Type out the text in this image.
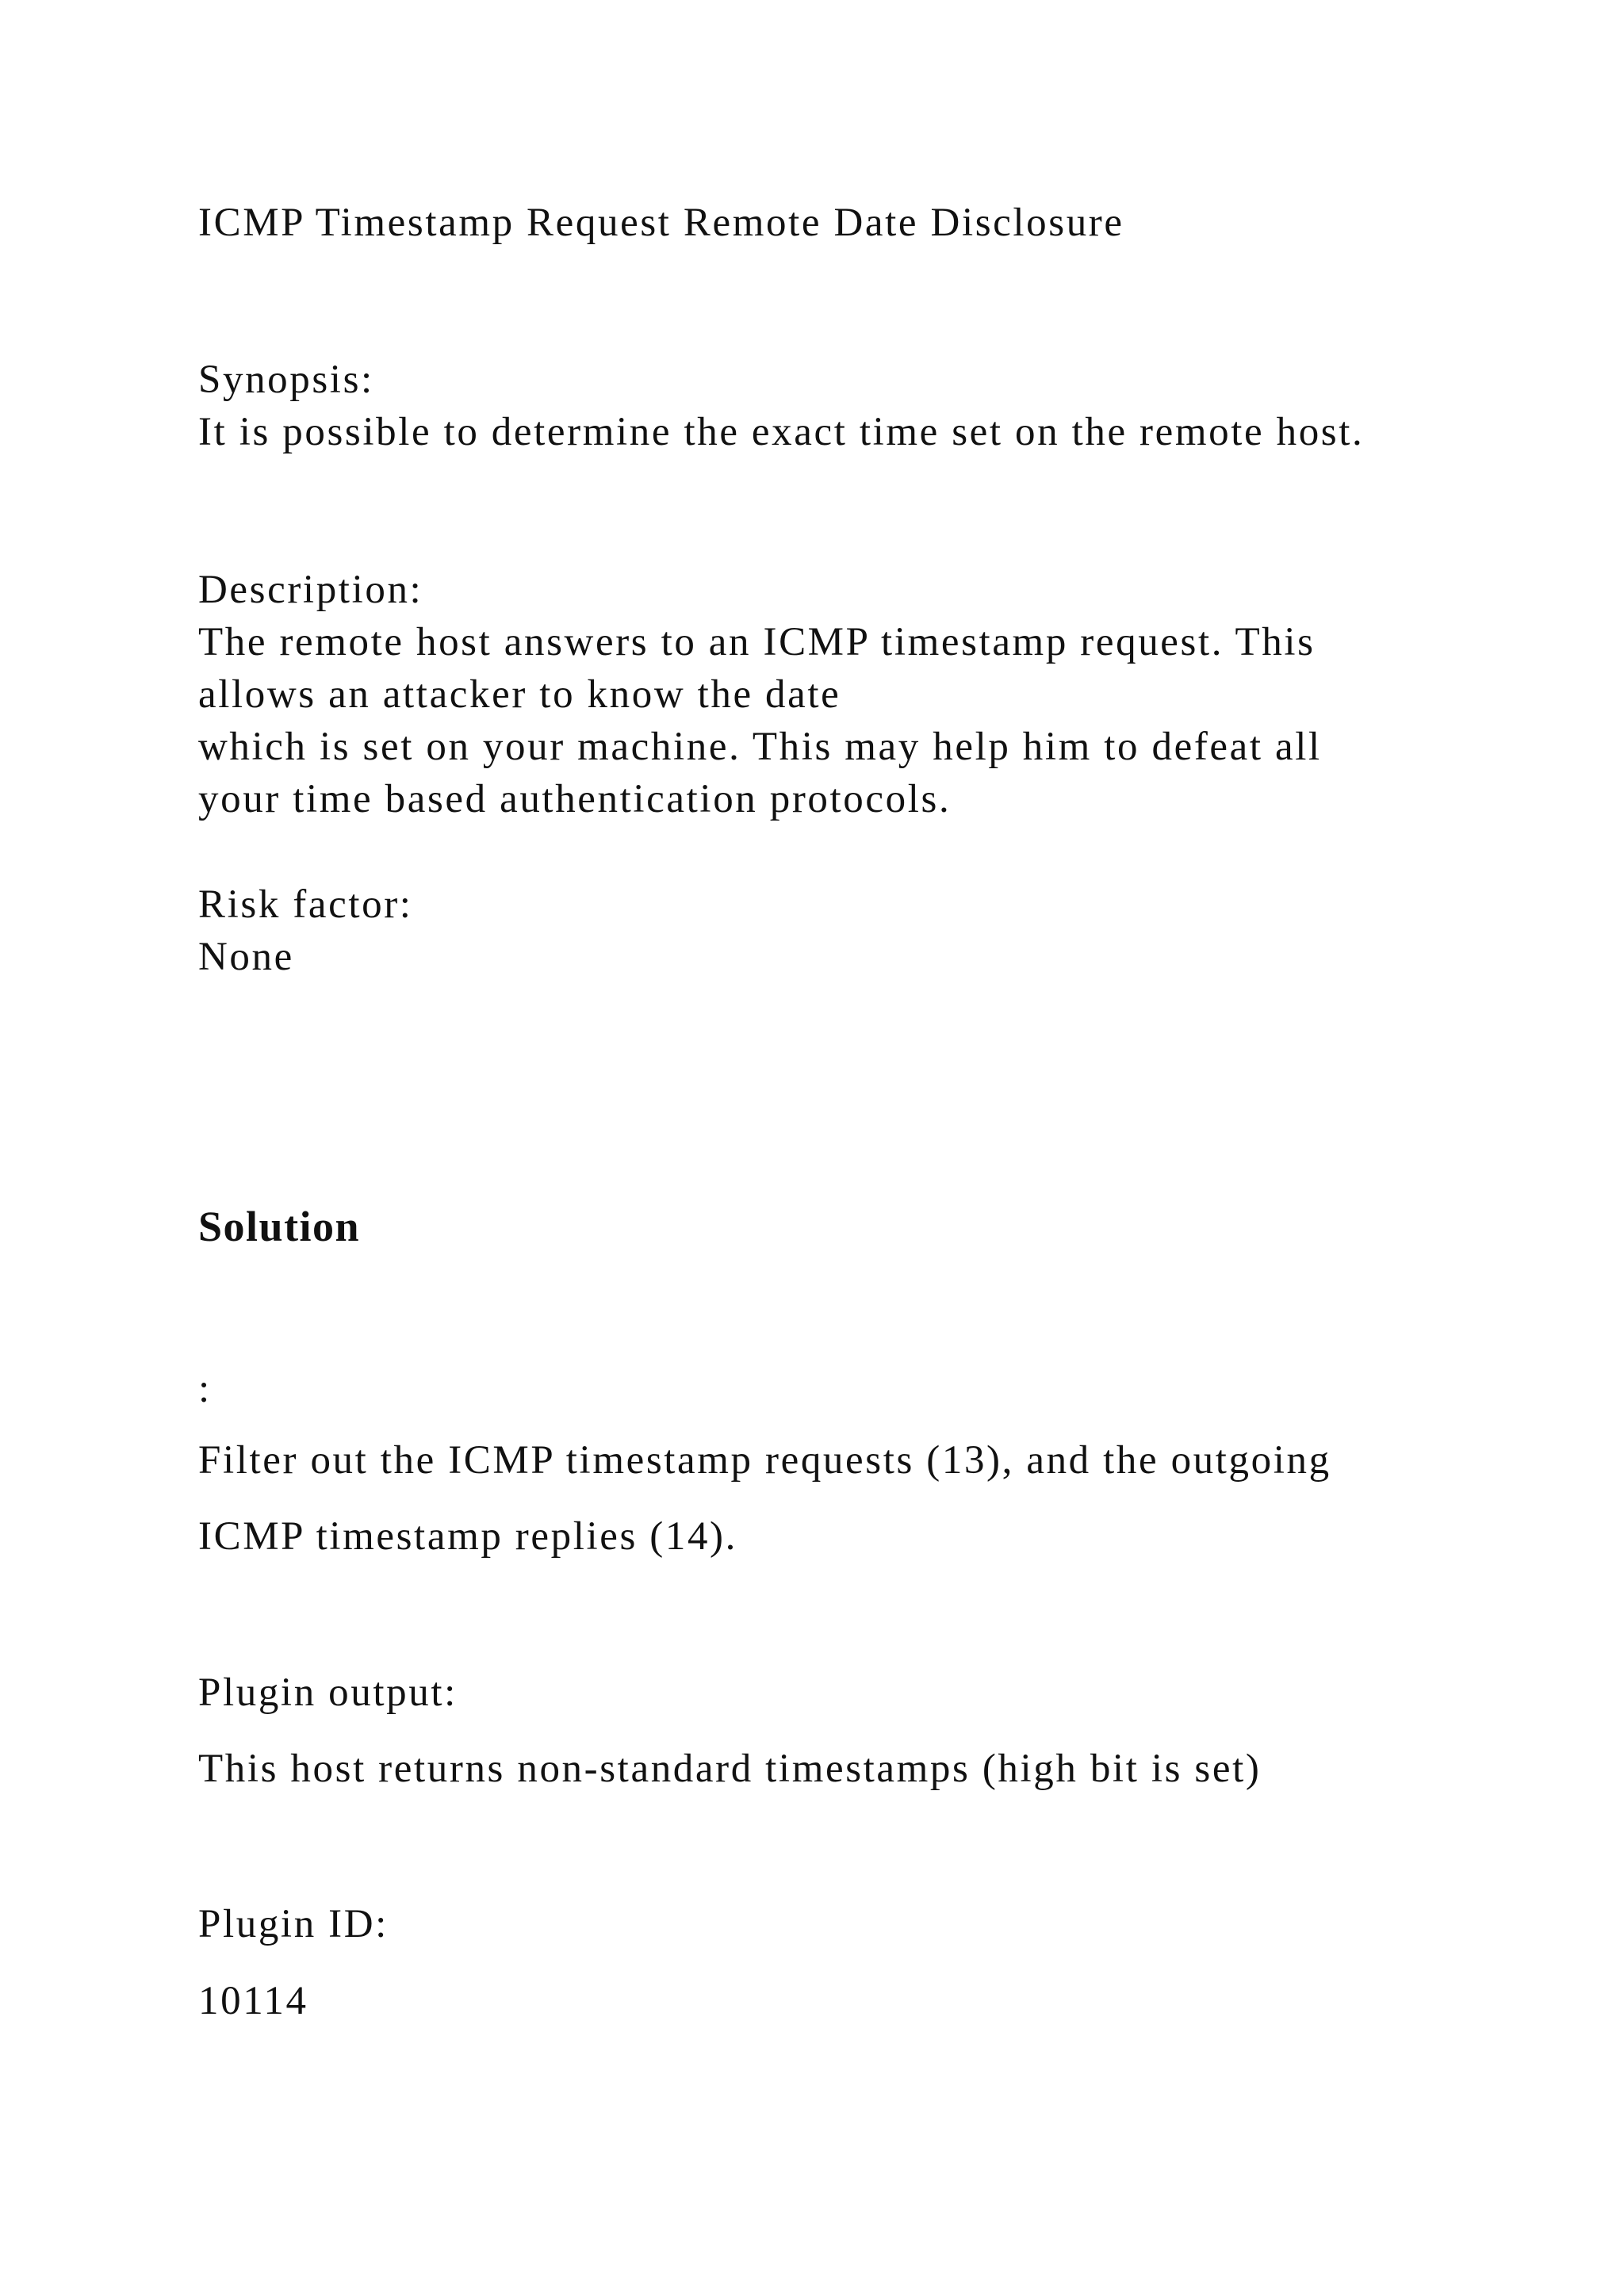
ICMP Timestamp Request Remote Date Disclosure
Synopsis:
It is possible to determine the exact time set on the remote host.
Description:
The remote host answers to an ICMP timestamp request. This
allows an attacker to know the date
which is set on your machine. This may help him to defeat all
your time based authentication protocols.
Risk factor:
None
Solution
:
Filter out the ICMP timestamp requests (13), and the outgoing
ICMP timestamp replies (14).
Plugin output:
This host returns non-standard timestamps (high bit is set)
Plugin ID:
10114
